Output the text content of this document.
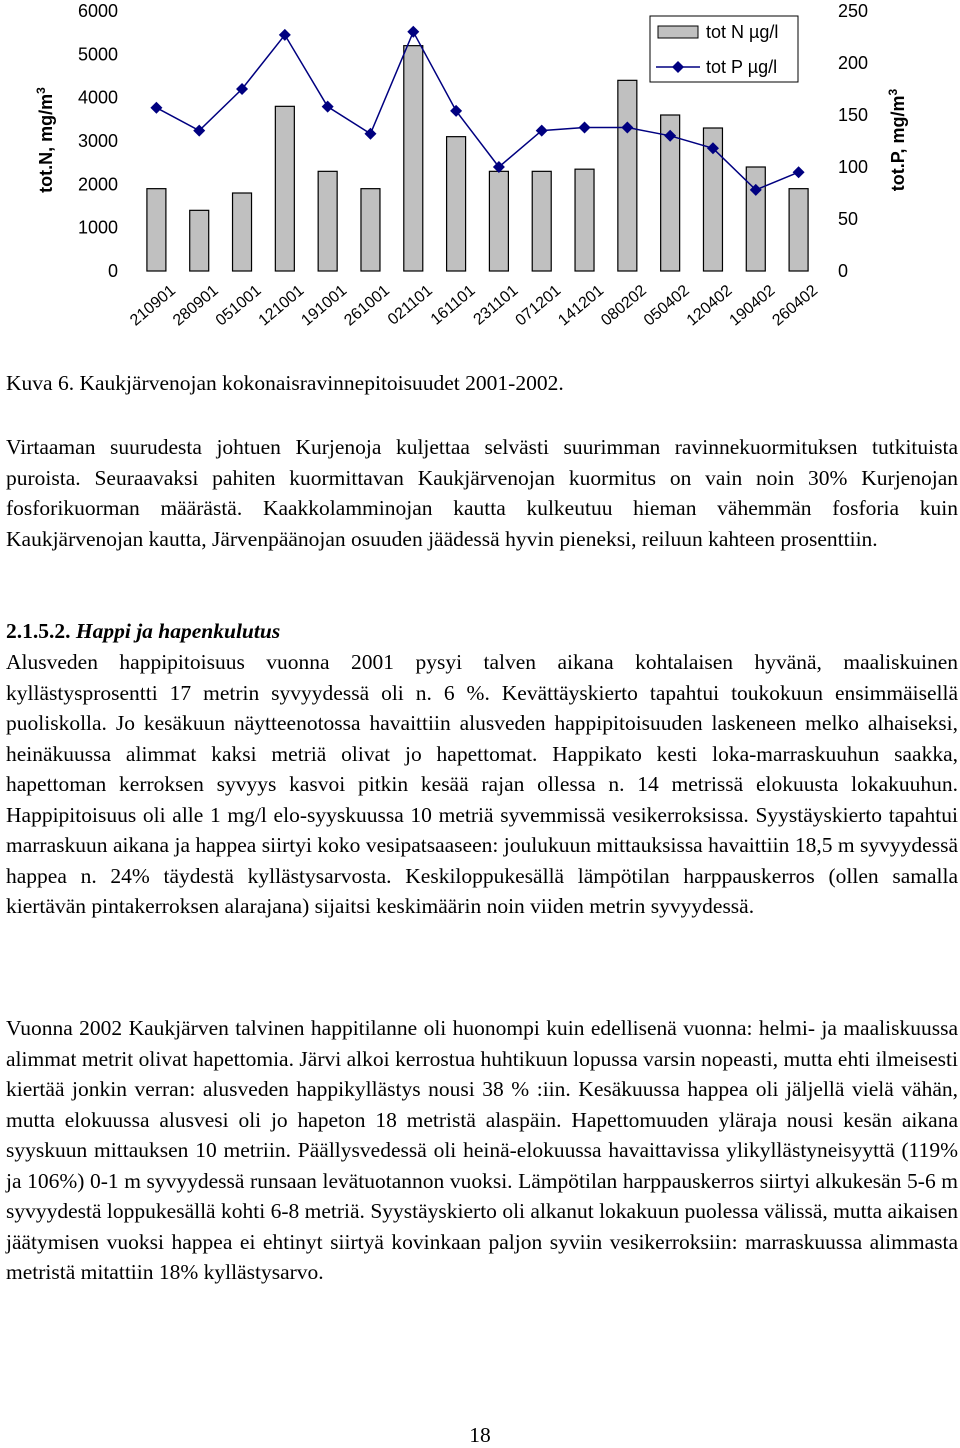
0
1000
2000
3000
4000
5000
6000
0
50
100
150
200
250
tot.N, $mg/m^3$
tot.P, $mg/m^3$
210901
280901
051001
121001
191001
261001
021101
161101
231101
071201
141201
080202
050402
120402
190402
260402
tot N µg/l
tot P µg/l
Kuva 6. Kaukjärvenojan kokonaisravinnepitoisuudet 2001-2002.
Virtaaman suurudesta johtuen Kurjenoja kuljettaa selvästi suurimman ravinnekuormituksen tutkituista puroista. Seuraavaksi pahiten kuormittavan Kaukjärvenojan kuormitus on vain noin 30% Kurjenojan fosforikuorman määrästä. Kaakkolamminojan kautta kulkeutuu hieman vähemmän fosforia kuin Kaukjärvenojan kautta, Järvenpäänojan osuuden jäädessä hyvin pieneksi, reiluun kahteen prosenttiin.
2.1.5.2. Happi ja hapenkulutus
Alusveden happipitoisuus vuonna 2001 pysyi talven aikana kohtalaisen hyvänä, maaliskuinen kyllästysprosentti 17 metrin syvyydessä oli n. 6 %. Kevättäyskierto tapahtui toukokuun ensimmäisellä puoliskolla. Jo kesäkuun näytteenotossa havaittiin alusveden happipitoisuuden laskeneen melko alhaiseksi, heinäkuussa alimmat kaksi metriä olivat jo hapettomat. Happikato kesti loka-marraskuuhun saakka, hapettoman kerroksen syvyys kasvoi pitkin kesää rajan ollessa n. 14 metrissä elokuusta lokakuuhun. Happipitoisuus oli alle 1 mg/l elo-syyskuussa 10 metriä syvemmissä vesikerroksissa. Syystäyskierto tapahtui marraskuun aikana ja happea siirtyi koko vesipatsaaseen: joulukuun mittauksissa havaittiin 18,5 m syvyydessä happea n. 24% täydestä kyllästysarvosta. Keskiloppukesällä lämpötilan harppauskerros (ollen samalla kiertävän pintakerroksen alarajana) sijaitsi keskimäärin noin viiden metrin syvyydessä.
Vuonna 2002 Kaukjärven talvinen happitilanne oli huonompi kuin edellisenä vuonna: helmi- ja maaliskuussa alimmat metrit olivat hapettomia. Järvi alkoi kerrostua huhtikuun lopussa varsin nopeasti, mutta ehti ilmeisesti kiertää jonkin verran: alusveden happikyllästys nousi 38 % :iin. Kesäkuussa happea oli jäljellä vielä vähän, mutta elokuussa alusvesi oli jo hapeton 18 metristä alaspäin. Hapettomuuden yläraja nousi kesän aikana syyskuun mittauksen 10 metriin. Päällysvedessä oli heinä-elokuussa havaittavissa ylikyllästyneisyyttä (119% ja 106%) 0-1 m syvyydessä runsaan levätuotannon vuoksi. Lämpötilan harppauskerros siirtyi alkukesän 5-6 m syvyydestä loppukesällä kohti 6-8 metriä. Syystäyskierto oli alkanut lokakuun puolessa välissä, mutta aikaisen jäätymisen vuoksi happea ei ehtinyt siirtyä kovinkaan paljon syviin vesikerroksiin: marraskuussa alimmasta metristä mitattiin 18% kyllästysarvo.
18
